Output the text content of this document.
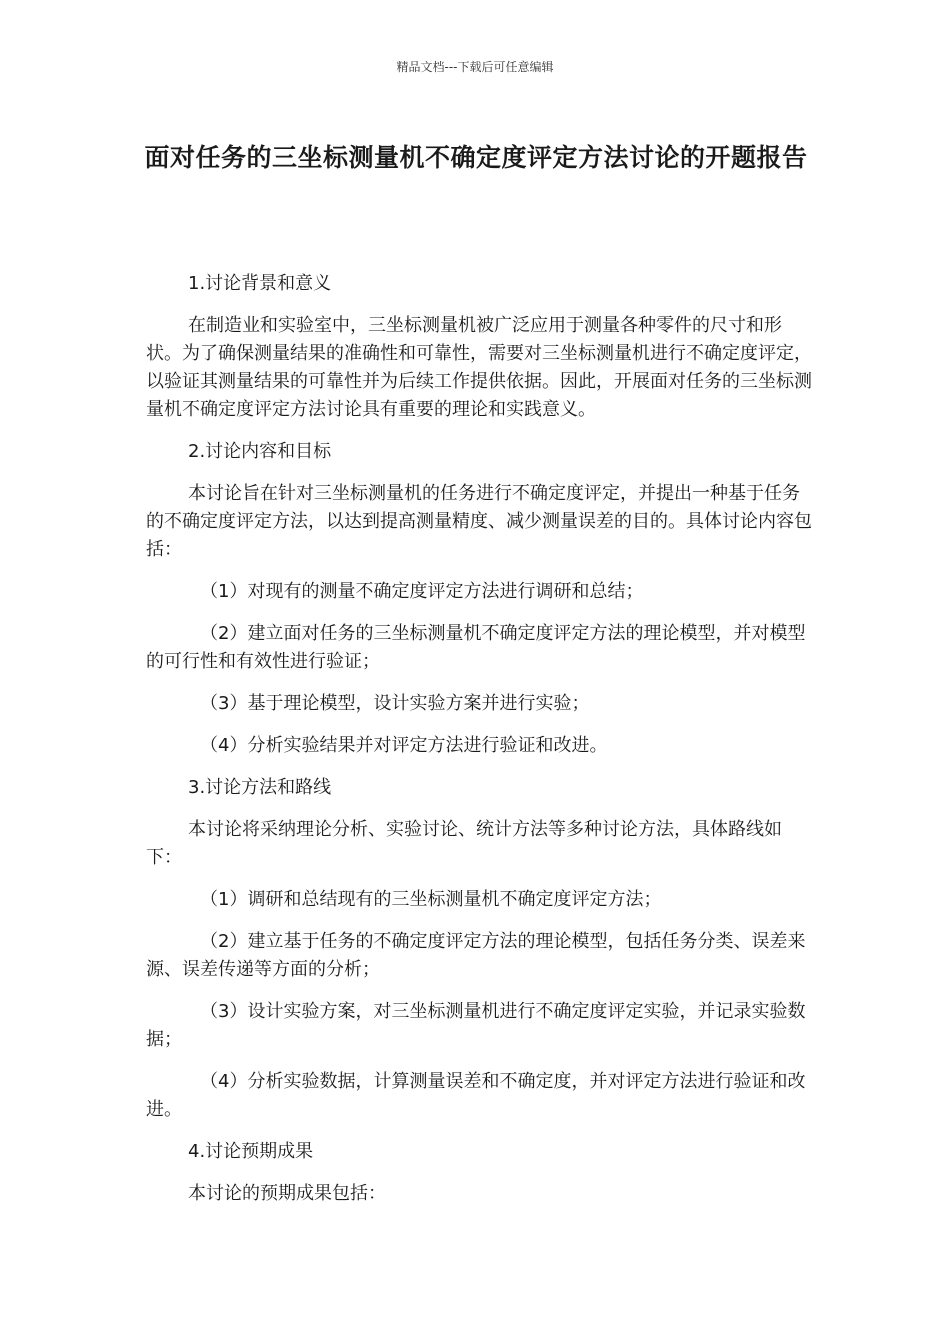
精品文档---下载后可任意编辑
面对任务的三坐标测量机不确定度评定方法讨论的开题报告

1.讨论背景和意义

在制造业和实验室中，三坐标测量机被广泛应用于测量各种零件的尺寸和形状。为了确保测量结果的准确性和可靠性，需要对三坐标测量机进行不确定度评定，以验证其测量结果的可靠性并为后续工作提供依据。因此，开展面对任务的三坐标测量机不确定度评定方法讨论具有重要的理论和实践意义。

2.讨论内容和目标

本讨论旨在针对三坐标测量机的任务进行不确定度评定，并提出一种基于任务的不确定度评定方法，以达到提高测量精度、减少测量误差的目的。具体讨论内容包括：

（1）对现有的测量不确定度评定方法进行调研和总结；

（2）建立面对任务的三坐标测量机不确定度评定方法的理论模型，并对模型的可行性和有效性进行验证；

（3）基于理论模型，设计实验方案并进行实验；

（4）分析实验结果并对评定方法进行验证和改进。

3.讨论方法和路线

本讨论将采纳理论分析、实验讨论、统计方法等多种讨论方法，具体路线如下：

（1）调研和总结现有的三坐标测量机不确定度评定方法；

（2）建立基于任务的不确定度评定方法的理论模型，包括任务分类、误差来源、误差传递等方面的分析；

（3）设计实验方案，对三坐标测量机进行不确定度评定实验，并记录实验数据；

（4）分析实验数据，计算测量误差和不确定度，并对评定方法进行验证和改进。

4.讨论预期成果

本讨论的预期成果包括：
